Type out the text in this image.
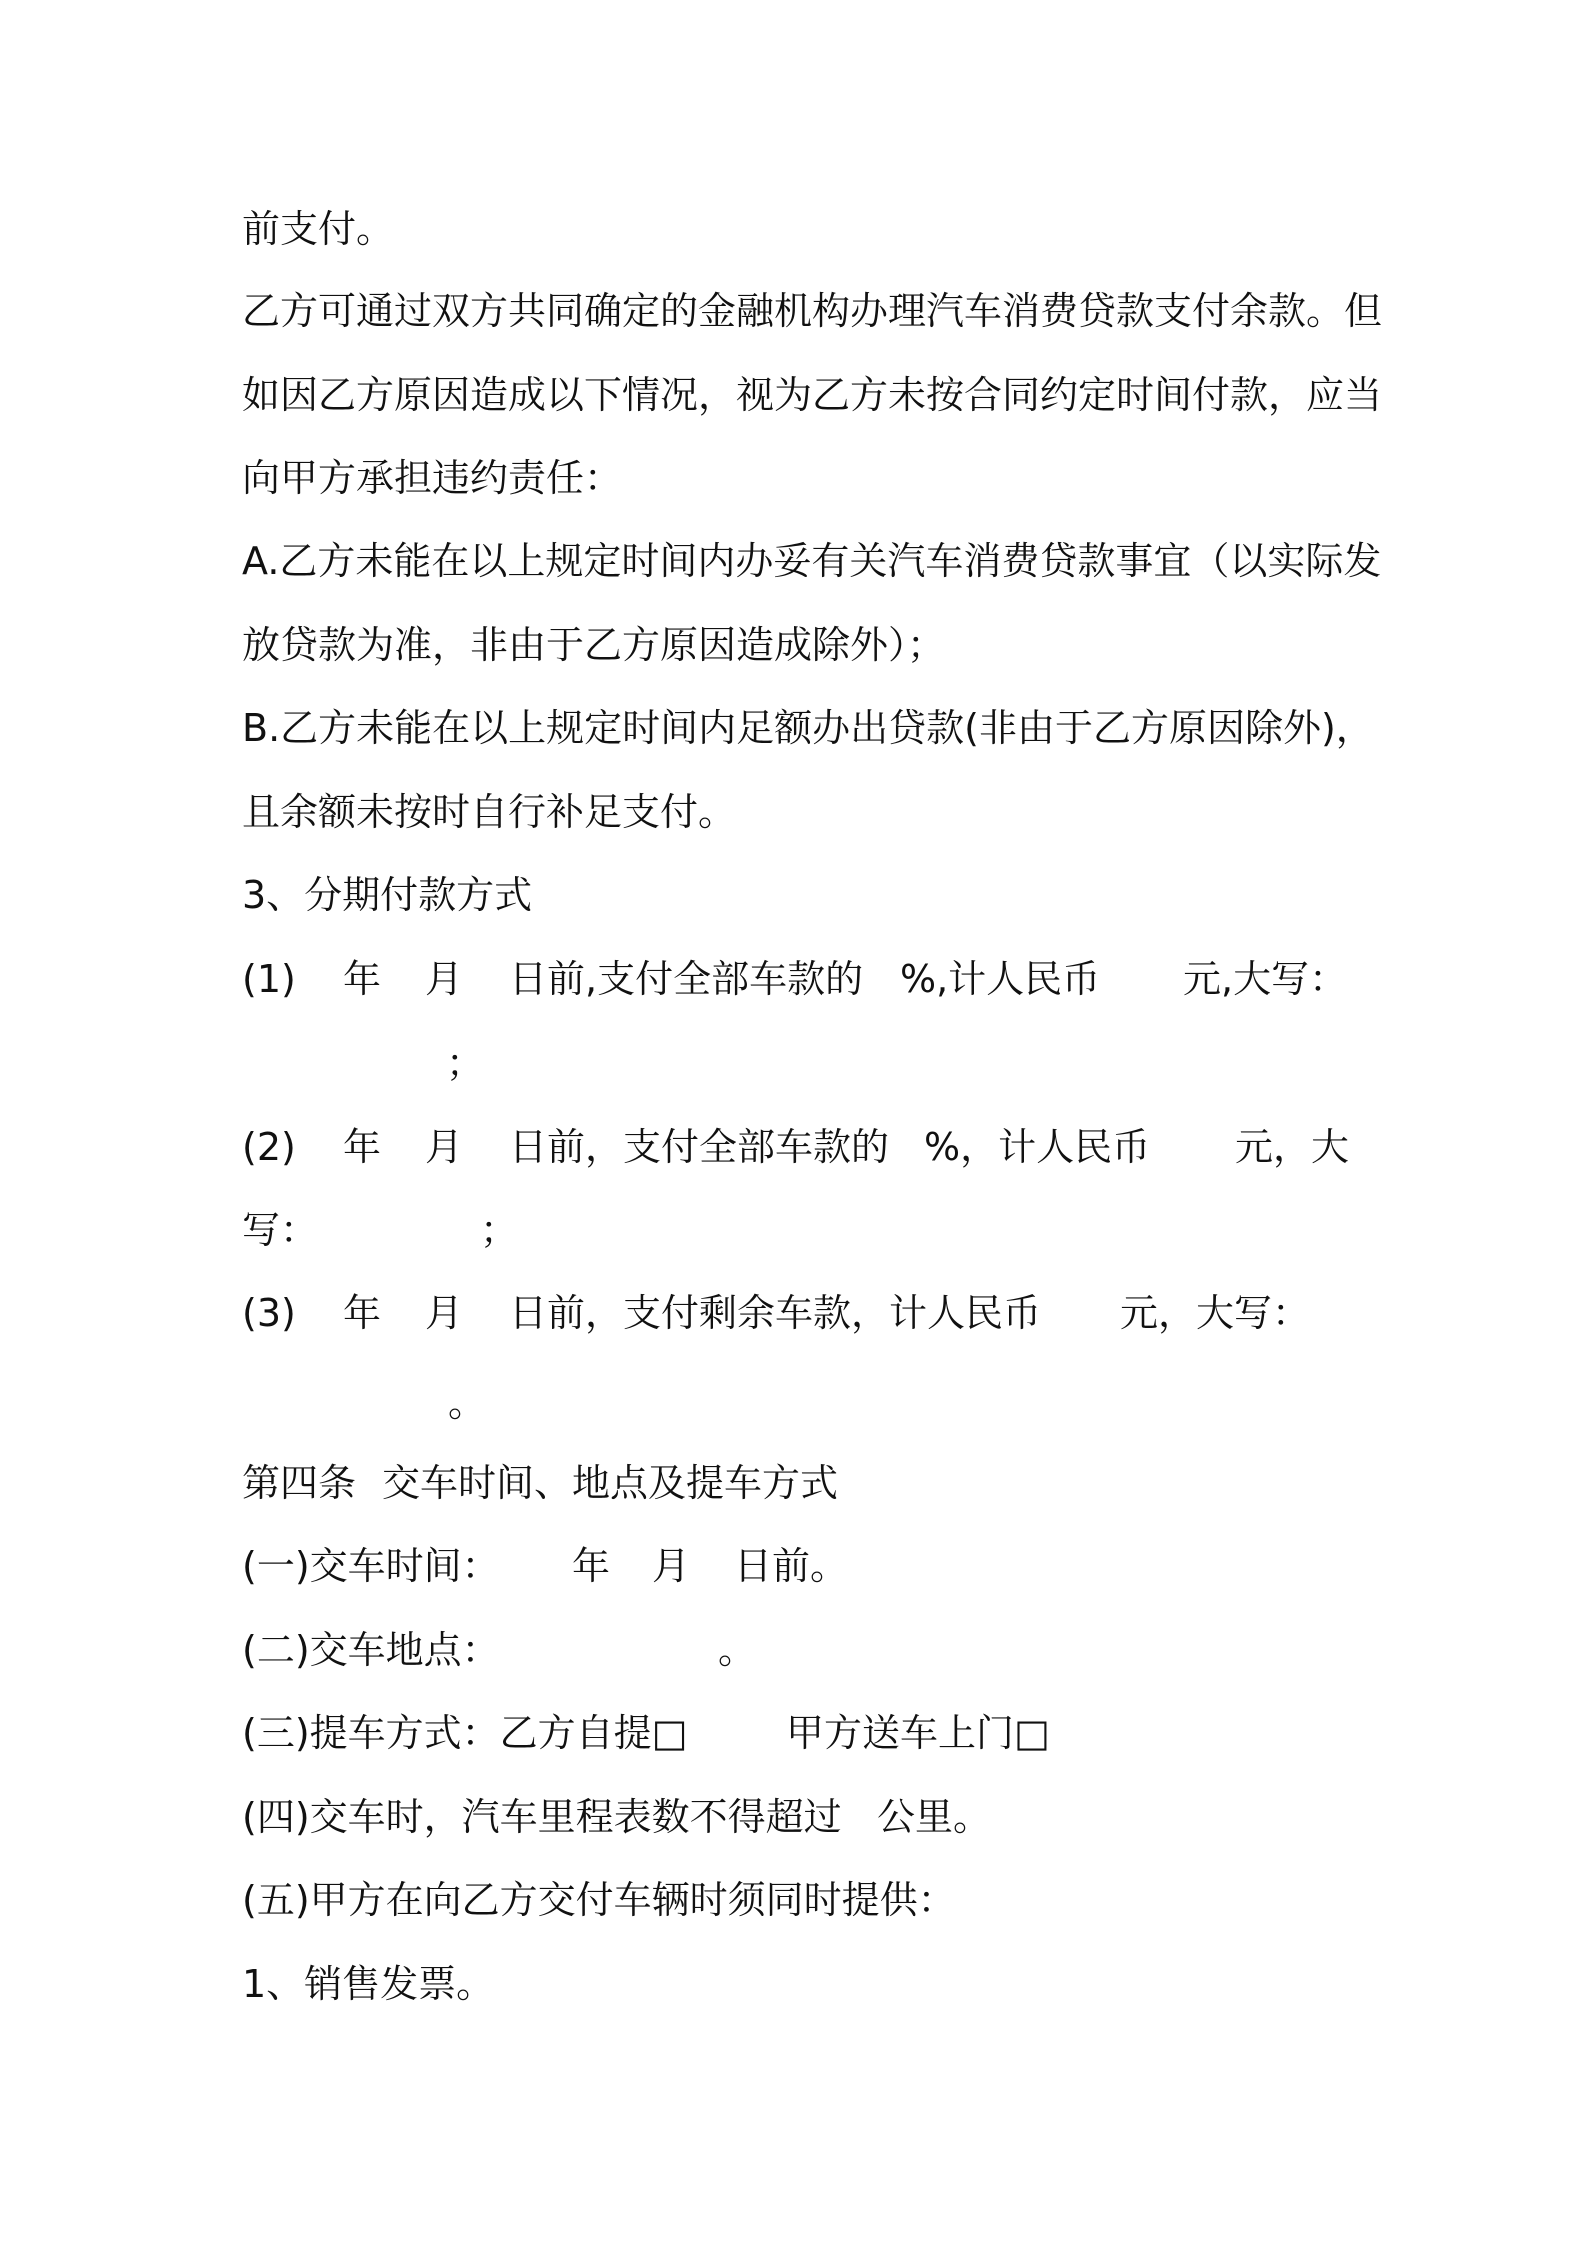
前支付。
乙方可通过双方共同确定的金融机构办理汽车消费贷款支付余款。但
如因乙方原因造成以下情况，视为乙方未按合同约定时间付款，应当
向甲方承担违约责任：
A.乙方未能在以上规定时间内办妥有关汽车消费贷款事宜（以实际发
放贷款为准，非由于乙方原因造成除外）；
B.乙方未能在以上规定时间内足额办出贷款(非由于乙方原因除外)，
且余额未按时自行补足支付。
3、分期付款方式
(1) 年 月 日前,支付全部车款的 %,计人民币 元,大写：
；
(2) 年 月 日前，支付全部车款的 %，计人民币 元，大
写：	；
(3) 年 月 日前，支付剩余车款，计人民币 元，大写：
。
第四条 交车时间、地点及提车方式
(一)交车时间： 年 月 日前。
(二)交车地点：	。
(三)提车方式：乙方自提□	甲方送车上门□
(四)交车时，汽车里程表数不得超过 公里。
(五)甲方在向乙方交付车辆时须同时提供：
1、销售发票。
